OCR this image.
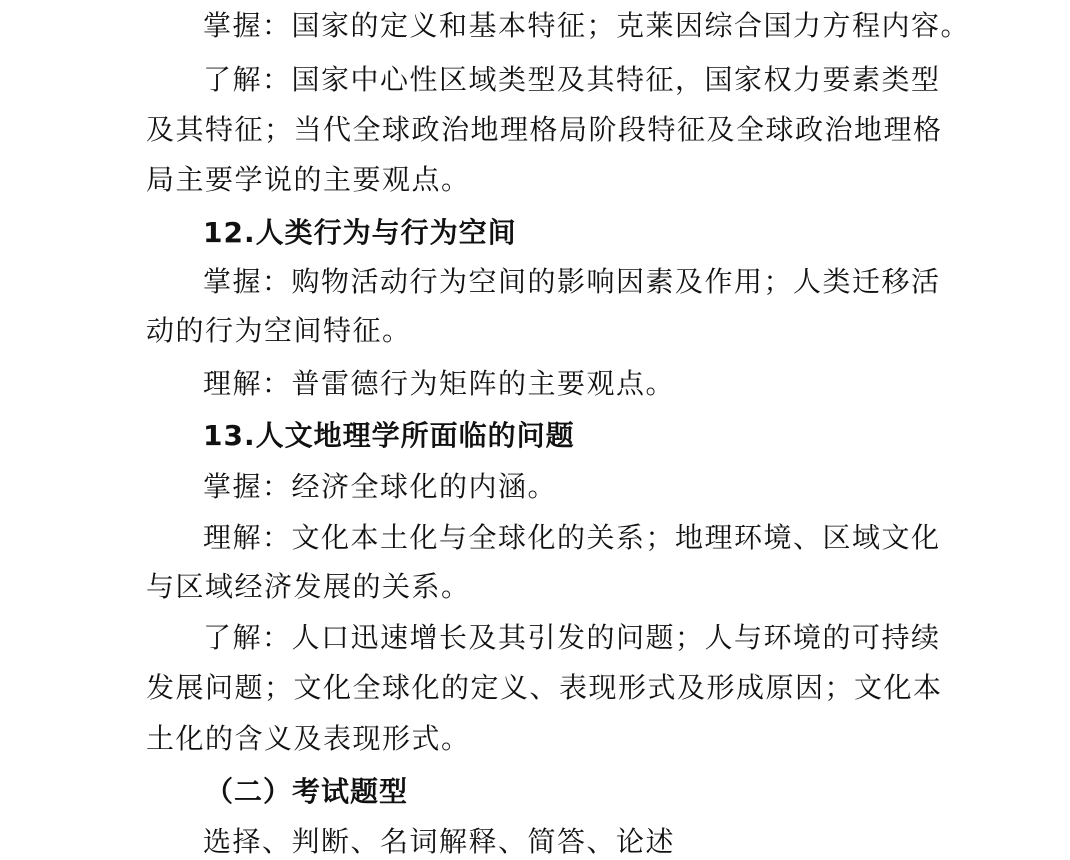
掌握：国家的定义和基本特征；克莱因综合国力方程内容。
了解：国家中心性区域类型及其特征，国家权力要素类型
及其特征；当代全球政治地理格局阶段特征及全球政治地理格
局主要学说的主要观点。
12.人类行为与行为空间
掌握：购物活动行为空间的影响因素及作用；人类迁移活
动的行为空间特征。
理解：普雷德行为矩阵的主要观点。
13.人文地理学所面临的问题
掌握：经济全球化的内涵。
理解：文化本土化与全球化的关系；地理环境、区域文化
与区域经济发展的关系。
了解：人口迅速增长及其引发的问题；人与环境的可持续
发展问题；文化全球化的定义、表现形式及形成原因；文化本
土化的含义及表现形式。
（二）考试题型
选择、判断、名词解释、简答、论述
